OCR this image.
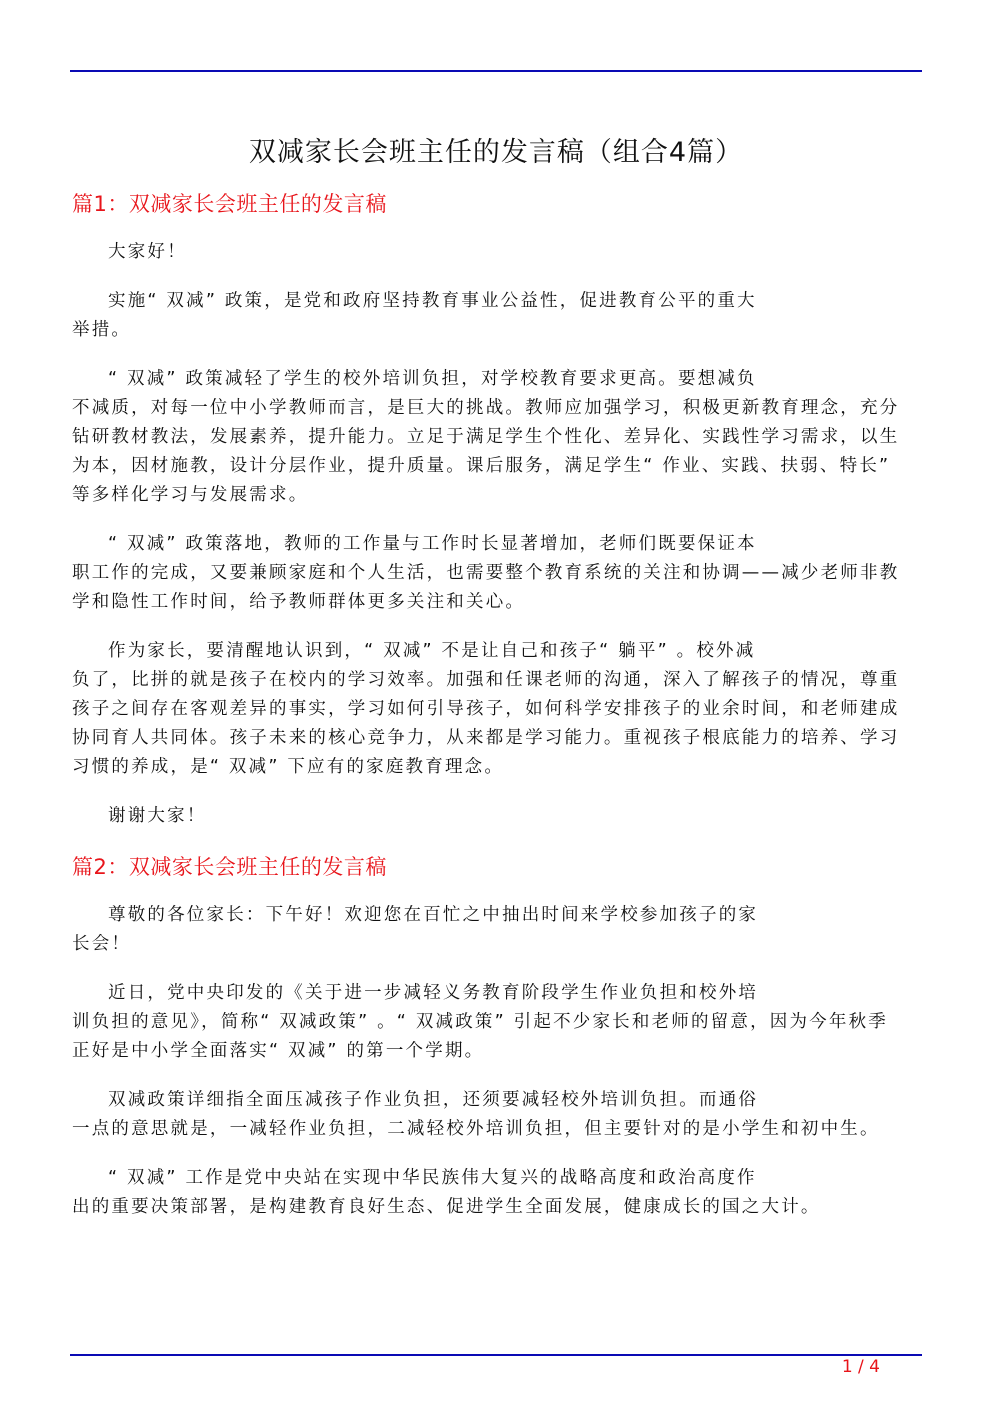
双减家长会班主任的发言稿（组合4篇）
篇1：双减家长会班主任的发言稿
大家好！
实施“ 双减” 政策，是党和政府坚持教育事业公益性，促进教育公平的重大
举措。
“ 双减” 政策减轻了学生的校外培训负担，对学校教育要求更高。要想减负
不减质，对每一位中小学教师而言，是巨大的挑战。教师应加强学习，积极更新教育理念，充分
钻研教材教法，发展素养，提升能力。立足于满足学生个性化、差异化、实践性学习需求，以生
为本，因材施教，设计分层作业，提升质量。课后服务，满足学生“ 作业、实践、扶弱、特长”
等多样化学习与发展需求。
“ 双减” 政策落地，教师的工作量与工作时长显著增加，老师们既要保证本
职工作的完成，又要兼顾家庭和个人生活，也需要整个教育系统的关注和协调——减少老师非教
学和隐性工作时间，给予教师群体更多关注和关心。
作为家长，要清醒地认识到，“ 双减” 不是让自己和孩子“ 躺平” 。校外减
负了，比拼的就是孩子在校内的学习效率。加强和任课老师的沟通，深入了解孩子的情况，尊重
孩子之间存在客观差异的事实，学习如何引导孩子，如何科学安排孩子的业余时间，和老师建成
协同育人共同体。孩子未来的核心竞争力，从来都是学习能力。重视孩子根底能力的培养、学习
习惯的养成，是“ 双减” 下应有的家庭教育理念。
谢谢大家！
篇2：双减家长会班主任的发言稿
尊敬的各位家长：下午好！欢迎您在百忙之中抽出时间来学校参加孩子的家
长会！
近日，党中央印发的《关于进一步减轻义务教育阶段学生作业负担和校外培
训负担的意见》，简称“ 双减政策” 。“ 双减政策” 引起不少家长和老师的留意，因为今年秋季
正好是中小学全面落实“ 双减” 的第一个学期。
双减政策详细指全面压减孩子作业负担，还须要减轻校外培训负担。而通俗
一点的意思就是，一减轻作业负担，二减轻校外培训负担，但主要针对的是小学生和初中生。
“ 双减” 工作是党中央站在实现中华民族伟大复兴的战略高度和政治高度作
出的重要决策部署，是构建教育良好生态、促进学生全面发展，健康成长的国之大计。
1 / 4
